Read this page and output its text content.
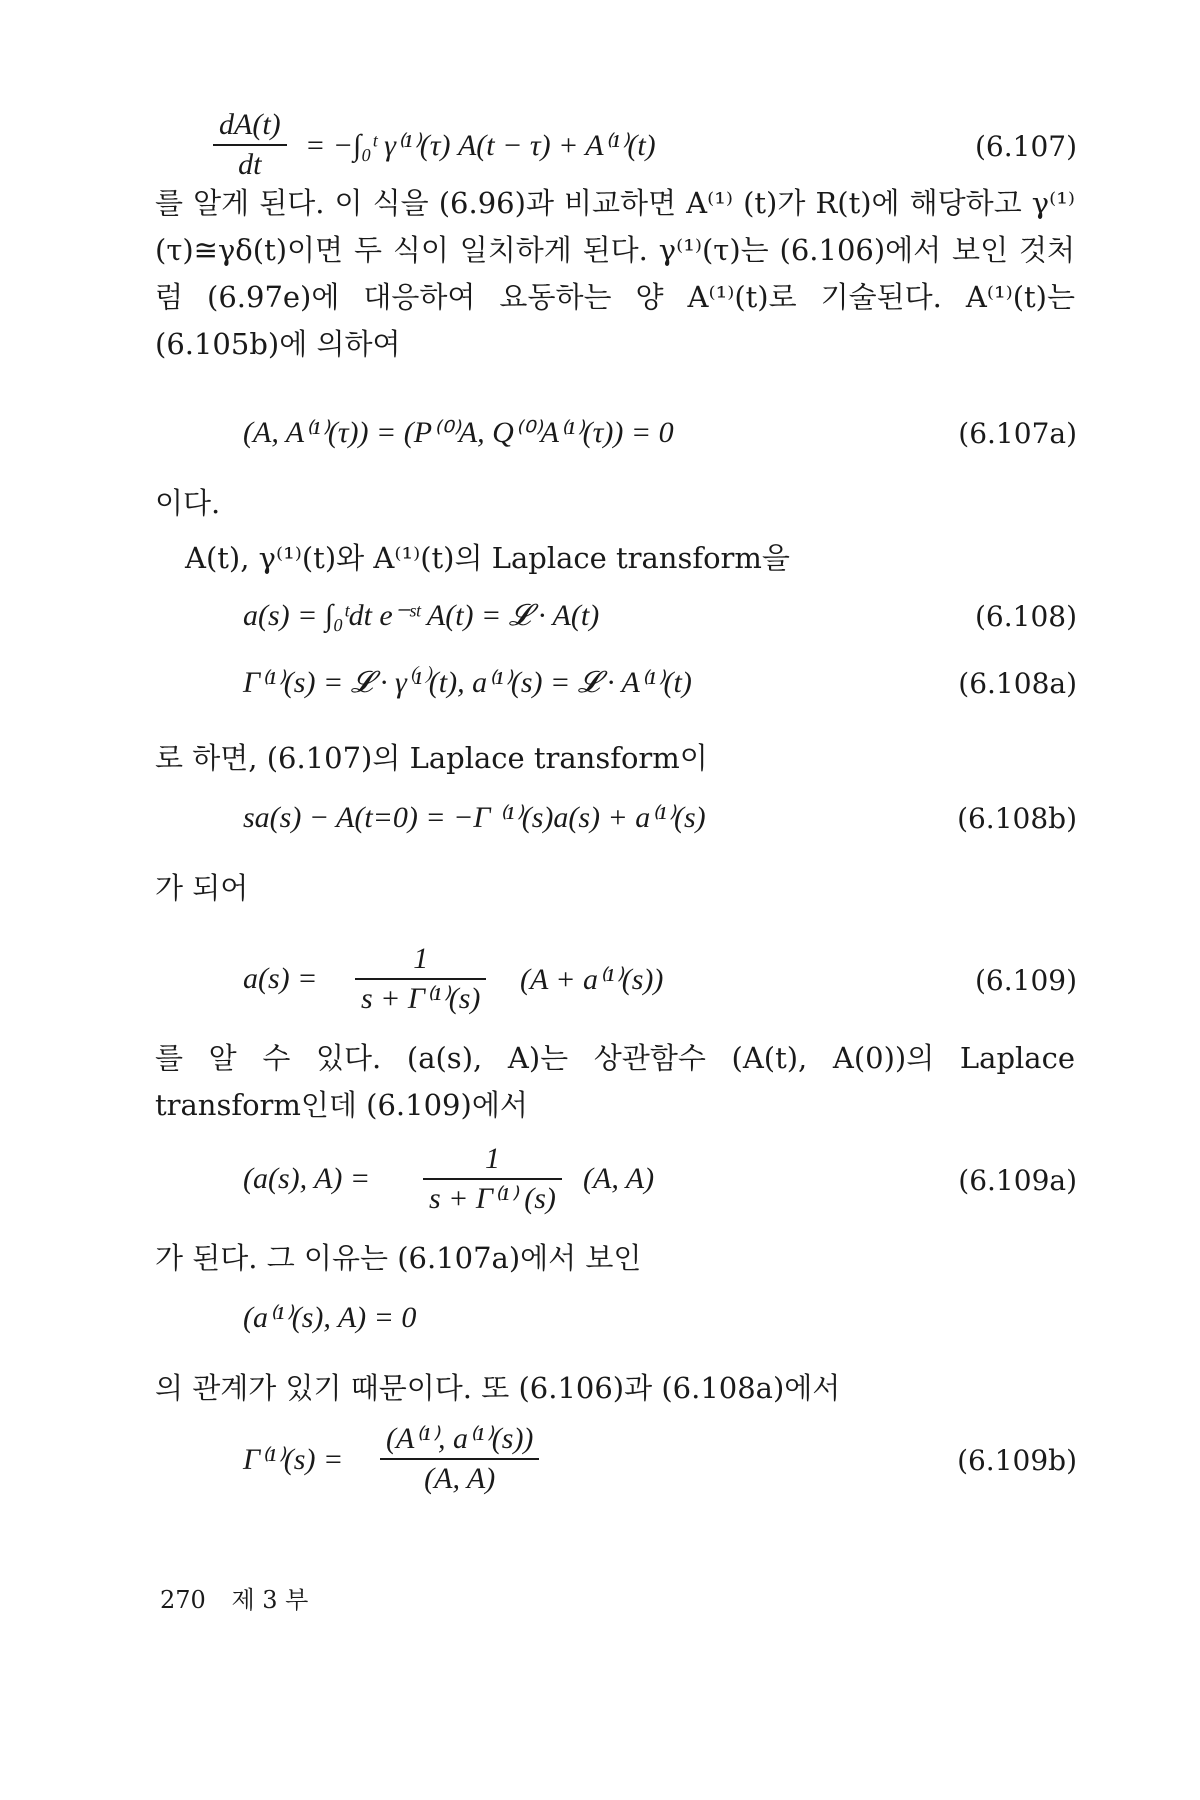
$\frac{dA(t)}{dt}$ = −∫₀ᵗ γ⁽¹⁾(τ) A(t − τ) + A⁽¹⁾(t)	(6.107)
를 알게 된다. 이 식을 (6.96)과 비교하면 A⁽¹⁾ (t)가 R(t)에 해당하고 γ⁽¹⁾(τ)≅γδ(t)이면 두 식이 일치하게 된다. γ⁽¹⁾(τ)는 (6.106)에서 보인 것처럼 (6.97e)에 대응하여 요동하는 양 A⁽¹⁾(t)로 기술된다. A⁽¹⁾(t)는 (6.105b)에 의하여
(A, A⁽¹⁾(τ)) = (P⁽⁰⁾A, Q⁽⁰⁾A⁽¹⁾(τ)) = 0	(6.107a)
이다.
A(t), γ⁽¹⁾(t)와 A⁽¹⁾(t)의 Laplace transform을
a(s) = ∫₀ᵗdt e⁻ˢᵗ A(t) = 𝓛 · A(t)	(6.108)
Γ⁽¹⁾(s) = 𝓛 · γ⁽¹⁾(t), a⁽¹⁾(s) = 𝓛 · A⁽¹⁾(t)	(6.108a)
로 하면, (6.107)의 Laplace transform이
sa(s) − A(t=0) = −Γ ⁽¹⁾(s)a(s) + a⁽¹⁾(s)	(6.108b)
가 되어
$a(s) = \frac{1}{\text{s + Γ⁽¹⁾(s)}} (A + a^{(1)}(s))$	(6.109)
를 알 수 있다. (a(s), A)는 상관함수 (A(t), A(0))의 Laplace transform인데 (6.109)에서
(a(s), $A) = \frac{1}{\text{s + Γ⁽¹⁾ (s)}} (A$, A)	(6.109a)
가 된다. 그 이유는 (6.107a)에서 보인
(a⁽¹⁾(s), A) = 0
의 관계가 있기 때문이다. 또 (6.106)과 (6.108a)에서
$\Gamma^{(1)}(s) = \frac{\text{(A⁽¹⁾, a⁽¹⁾(s))}}{(A, A)}$	(6.109b)
270 제 3 부
